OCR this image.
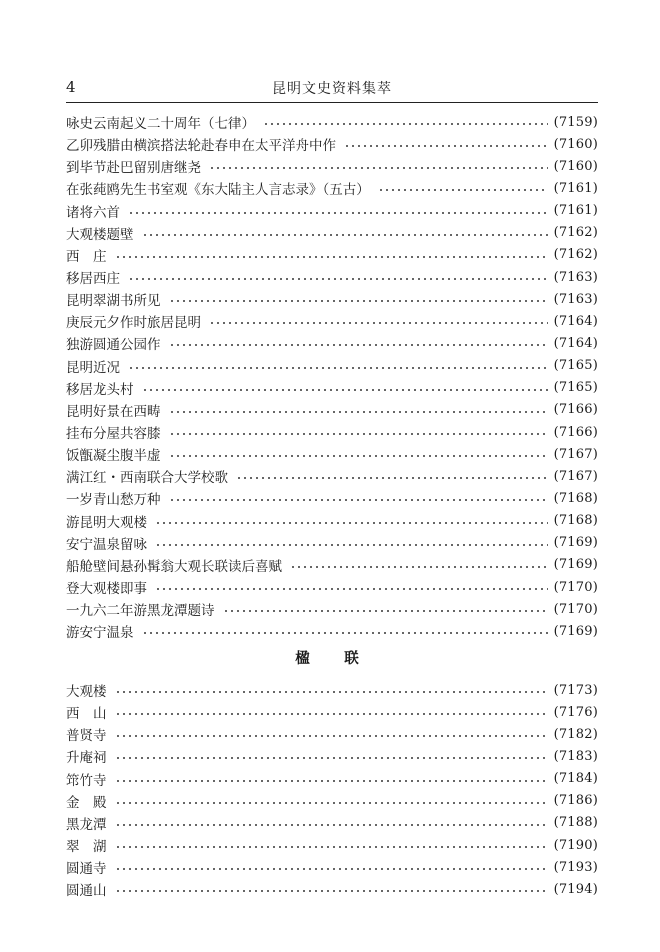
4	昆明文史资料集萃
咏史云南起义二十周年（七律）	(7159)
乙卯残腊由横滨搭法轮赴春申在太平洋舟中作	(7160)
到毕节赴巴留别唐继尧	(7160)
在张莼鸥先生书室观《东大陆主人言志录》（五古）	(7161)
诸将六首	(7161)
大观楼题壁	(7162)
西　庄	(7162)
移居西庄	(7163)
昆明翠湖书所见	(7163)
庚辰元夕作时旅居昆明	(7164)
独游圆通公园作	(7164)
昆明近况	(7165)
移居龙头村	(7165)
昆明好景在西畴	(7166)
挂布分屋共容膝	(7166)
饭甑凝尘腹半虚	(7167)
满江红・西南联合大学校歌	(7167)
一岁青山愁万种	(7168)
游昆明大观楼	(7168)
安宁温泉留咏	(7169)
船舱壁间悬孙髯翁大观长联读后喜赋	(7169)
登大观楼即事	(7170)
一九六二年游黑龙潭题诗	(7170)
游安宁温泉	(7169)
楹　联
大观楼	(7173)
西　山	(7176)
普贤寺	(7182)
升庵祠	(7183)
筇竹寺	(7184)
金　殿	(7186)
黑龙潭	(7188)
翠　湖	(7190)
圆通寺	(7193)
圆通山	(7194)
